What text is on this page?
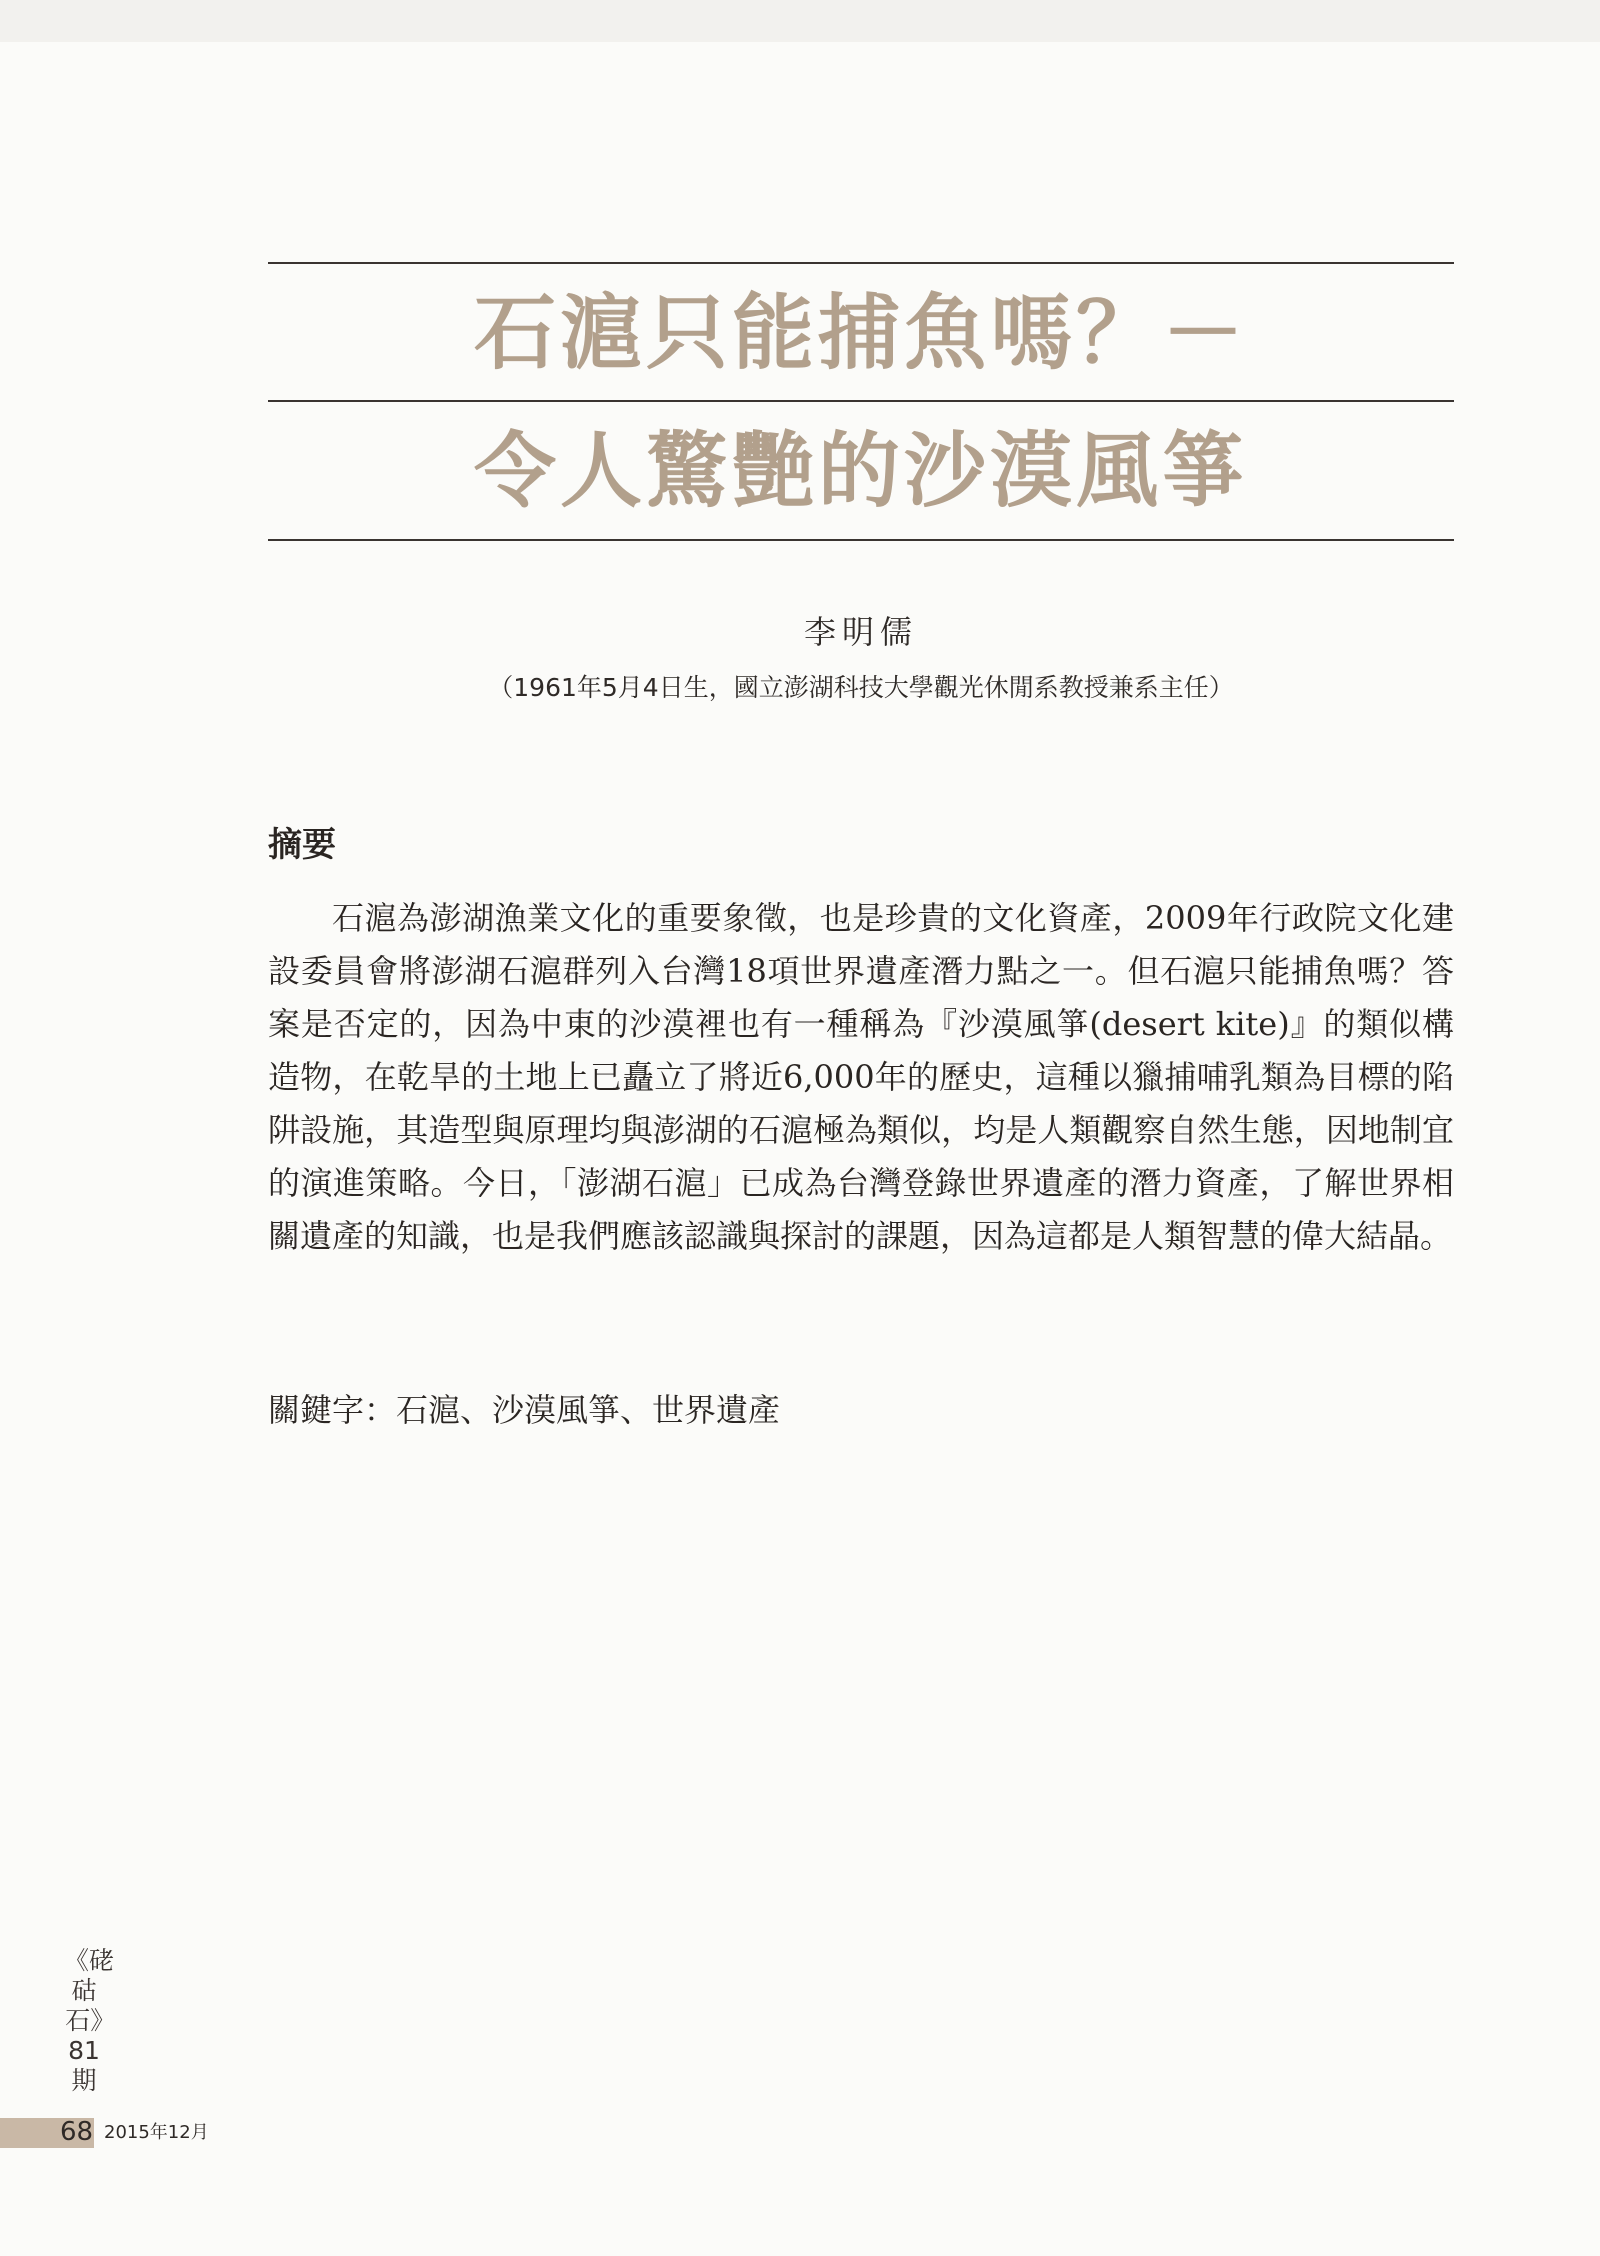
石滬只能捕魚嗎？－
令人驚艷的沙漠風箏
李明儒
（1961年5月4日生，國立澎湖科技大學觀光休閒系教授兼系主任）
摘要

石滬為澎湖漁業文化的重要象徵，也是珍貴的文化資產，2009年行政院文化建設委員會將澎湖石滬群列入台灣18項世界遺產潛力點之一。但石滬只能捕魚嗎？答案是否定的，因為中東的沙漠裡也有一種稱為『沙漠風箏(desert kite)』的類似構造物，在乾旱的土地上已矗立了將近6,000年的歷史，這種以獵捕哺乳類為目標的陷阱設施，其造型與原理均與澎湖的石滬極為類似，均是人類觀察自然生態，因地制宜的演進策略。今日，「澎湖石滬」已成為台灣登錄世界遺產的潛力資產，了解世界相關遺產的知識，也是我們應該認識與探討的課題，因為這都是人類智慧的偉大結晶。

關鍵字：石滬、沙漠風箏、世界遺產
《硓𥑮石》81期
68 2015年12月
